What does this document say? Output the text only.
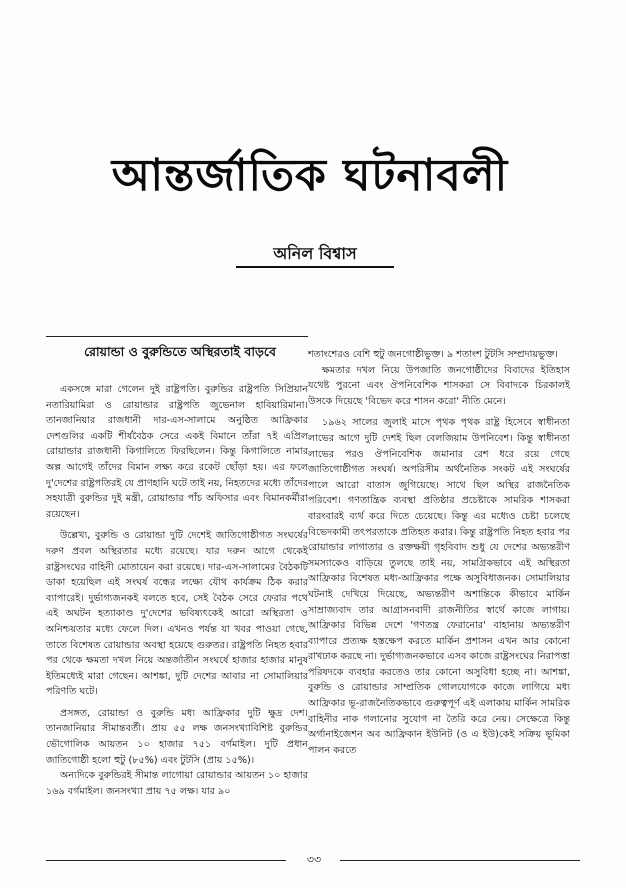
আন্তর্জাতিক ঘটনাবলী
অনিল বিশ্বাস
রোয়ান্ডা ও বুরুন্ডিতে অস্থিরতাই বাড়বে

একসঙ্গে মারা গেলেন দুই রাষ্ট্রপতি। বুরুন্ডির রাষ্ট্রপতি সিপ্রিয়ান নতারিয়ামিরা ও রোয়ান্ডার রাষ্ট্রপতি জুভেনাল হাবিয়ারিমানা। তানজানিয়ার রাজধানী দার-এস-সালামে অনুষ্ঠিত আফ্রিকার দেশগুলির একটি শীর্ষবৈঠক সেরে একই বিমানে তাঁরা ৭ই এপ্রিল রোয়ান্ডার রাজধানী কিগালিতে ফিরছিলেন। কিন্তু কিগালিতে নামার অল্প আগেই তাঁদের বিমান লক্ষ্য করে রকেট ছোঁড়া হয়। এর ফলে দু'দেশের রাষ্ট্রপতিরই যে প্রাণহানি ঘটে তাই নয়, নিহতদের মধ্যে তাঁদের সহযাত্রী বুরুন্ডির দুই মন্ত্রী, রোয়ান্ডার পাঁচ অফিসার এবং বিমানকর্মীরা রয়েছেন।

উল্লেখ্য, বুরুন্ডি ও রোয়ান্ডা দুটি দেশেই জাতিগোষ্ঠীগত সংঘর্ষের দরুণ প্রবল অস্থিরতার মধ্যে রয়েছে। যার দরুন আগে থেকেই রাষ্ট্রসংঘের বাহিনী মোতায়েন করা রয়েছে। দার-এস-সালামের বৈঠকটি ডাকা হয়েছিল এই সংঘর্ষ বন্ধের লক্ষ্যে যৌথ কার্যক্রম ঠিক করার ব্যাপারেই। দুর্ভাগ্যজনকই বলতে হবে, সেই বৈঠক সেরে ফেরার পথে এই অঘটন হত্যাকাণ্ড দু'দেশের ভবিষ্যৎকেই আরো অস্থিরতা ও অনিশ্চয়তার মধ্যে ফেলে দিল। এখনও পর্যন্ত যা খবর পাওয়া গেছে, তাতে বিশেষত রোয়ান্ডার অবস্থা হয়েছে গুরুতর। রাষ্ট্রপতি নিহত হবার পর থেকে ক্ষমতা দখল নিয়ে অন্তর্জাতীন সংঘর্ষে হাজার হাজার মানুষ ইতিমধ্যেই মারা গেছেন। আশঙ্কা, দুটি দেশের আবার না সোমালিয়ার পরিণতি ঘটে।

প্রসঙ্গত, রোয়ান্ডা ও বুরুন্ডি মধ্য আফ্রিকার দুটি ক্ষুদ্র দেশ। তানজানিয়ার সীমান্তবর্তী। প্রায় ৫৫ লক্ষ জনসংখ্যাবিশিষ্ট বুরুন্ডির ভৌগোলিক আয়তন ১০ হাজার ৭৫১ বর্গমাইল। দুটি প্রধান জাতিগোষ্ঠী হলো হুটু (৮৫%) এবং টুটসি (প্রায় ১৫%)।

অন্যদিকে বুরুন্ডিরই সীমান্ত লাগোয়া রোয়ান্ডার আয়তন ১০ হাজার ১৬৯ বর্গমাইল। জনসংখ্যা প্রায় ৭৫ লক্ষ। যার ৯০

শতাংশেরও বেশি হুটু জনগোষ্ঠীভুক্ত। ৯ শতাংশ টুটসি সম্প্রদায়ভুক্ত।

ক্ষমতার দখল নিয়ে উপজাতি জনগোষ্ঠীদের বিবাদের ইতিহাস যথেষ্ট পুরনো এবং ঔপনিবেশিক শাসকরা সে বিবাদকে চিরকালই উসকে দিয়েছে 'বিভেদ করে শাসন করো' নীতি মেনে।

১৯৬২ সালের জুলাই মাসে পৃথক পৃথক রাষ্ট্র হিসেবে স্বাধীনতা লাভের আগে দুটি দেশই ছিল বেলজিয়াম উপনিবেশ। কিন্তু স্বাধীনতা লাভের পরও ঔপনিবেশিক জমানার রেশ ধরে রয়ে গেছে জাতিগোষ্ঠীগত সংঘর্ষ। অপরিসীম অর্থনৈতিক সংকট এই সংঘর্ষের পালে আরো বাতাস জুগিয়েছে। সাথে ছিল অস্থির রাজনৈতিক পরিবেশ। গণতান্ত্রিক ব্যবস্থা প্রতিষ্ঠার প্রচেষ্টাকে সামরিক শাসকরা বারংবারই ব্যর্থ করে দিতে চেয়েছে। কিন্তু এর মধ্যেও চেষ্টা চলেছে বিভেদকামী তৎপরতাকে প্রতিহত করার। কিন্তু রাষ্ট্রপতি নিহত হবার পর রোয়ান্ডার লাগাতার ও রক্তক্ষয়ী গৃহবিবাদ শুধু যে দেশের অভ্যন্তরীণ সমস্যাকেও বাড়িয়ে তুলছে তাই নয়, সামগ্রিকভাবে এই অস্থিরতা আফ্রিকার বিশেষত মধ্য-আফ্রিকার পক্ষে অসুবিধাজনক। সোমালিয়ার ঘটনাই দেখিয়ে দিয়েছে, অভ্যন্তরীণ অশান্তিকে কীভাবে মার্কিন সাম্রাজ্যবাদ তার আগ্রাসনবাদী রাজনীতির স্বার্থে কাজে লাগায়। আফ্রিকার বিভিন্ন দেশে 'গণতন্ত্র ফেরানোর' বাহানায় অভ্যন্তরীণ ব্যাপারে প্রত্যক্ষ হস্তক্ষেপ করতে মার্কিন প্রশাসন এখন আর কোনো রাখঢাক করছে না। দুর্ভাগ্যজনকভাবে এসব কাজে রাষ্ট্রসংঘের নিরাপত্তা পরিষদকে ব্যবহার করতেও তার কোনো অসুবিধা হচ্ছে না। আশঙ্কা, বুরুন্ডি ও রোয়ান্ডার সাম্প্রতিক গোলযোগকে কাজে লাগিয়ে মধ্য আফ্রিকার ভূ-রাজনৈতিকভাবে গুরুত্বপূর্ণ এই এলাকায় মার্কিন সামরিক বাহিনীর নাক গলানোর সুযোগ না তৈরি করে নেয়। সেক্ষেত্রে কিন্তু অর্গানাইজেশন অব আফ্রিকান ইউনিট (ও এ ইউ)কেই সক্রিয় ভূমিকা পালন করতে

৩৩
